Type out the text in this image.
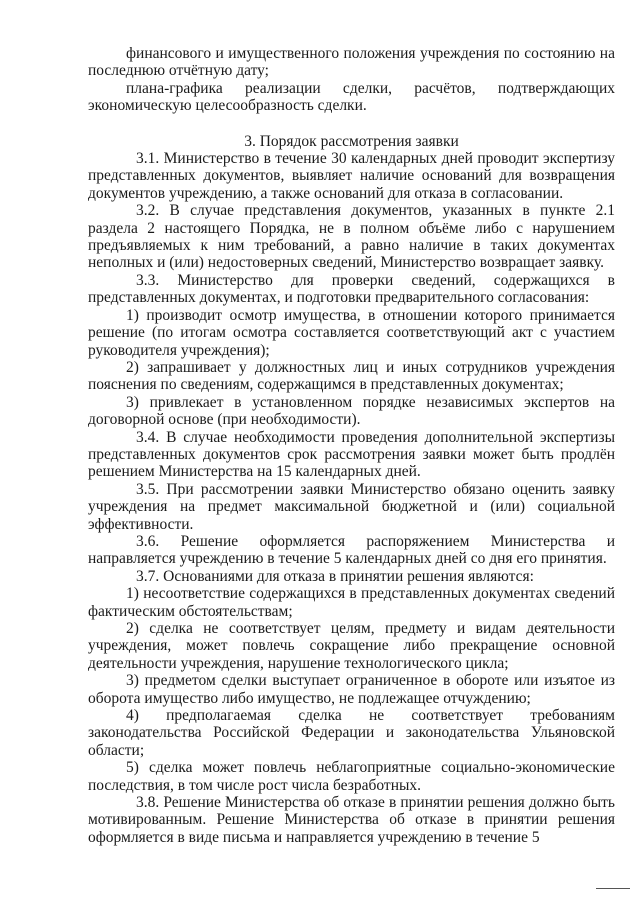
финансового и имущественного положения учреждения по состоянию на последнюю отчётную дату;

плана-графика реализации сделки, расчётов, подтверждающих экономическую целесообразность сделки.

3. Порядок рассмотрения заявки

3.1. Министерство в течение 30 календарных дней проводит экспертизу представленных документов, выявляет наличие оснований для возвращения документов учреждению, а также оснований для отказа в согласовании.

3.2. В случае представления документов, указанных в пункте 2.1 раздела 2 настоящего Порядка, не в полном объёме либо с нарушением предъявляемых к ним требований, а равно наличие в таких документах неполных и (или) недостоверных сведений, Министерство возвращает заявку.

3.3. Министерство для проверки сведений, содержащихся в представленных документах, и подготовки предварительного согласования:

1) производит осмотр имущества, в отношении которого принимается решение (по итогам осмотра составляется соответствующий акт с участием руководителя учреждения);

2) запрашивает у должностных лиц и иных сотрудников учреждения пояснения по сведениям, содержащимся в представленных документах;

3) привлекает в установленном порядке независимых экспертов на договорной основе (при необходимости).

3.4. В случае необходимости проведения дополнительной экспертизы представленных документов срок рассмотрения заявки может быть продлён решением Министерства на 15 календарных дней.

3.5. При рассмотрении заявки Министерство обязано оценить заявку учреждения на предмет максимальной бюджетной и (или) социальной эффективности.

3.6. Решение оформляется распоряжением Министерства и направляется учреждению в течение 5 календарных дней со дня его принятия.

3.7. Основаниями для отказа в принятии решения являются:

1) несоответствие содержащихся в представленных документах сведений фактическим обстоятельствам;

2) сделка не соответствует целям, предмету и видам деятельности учреждения, может повлечь сокращение либо прекращение основной деятельности учреждения, нарушение технологического цикла;

3) предметом сделки выступает ограниченное в обороте или изъятое из оборота имущество либо имущество, не подлежащее отчуждению;

4) предполагаемая сделка не соответствует требованиям законодательства Российской Федерации и законодательства Ульяновской области;

5) сделка может повлечь неблагоприятные социально-экономические последствия, в том числе рост числа безработных.

3.8. Решение Министерства об отказе в принятии решения должно быть мотивированным. Решение Министерства об отказе в принятии решения оформляется в виде письма и направляется учреждению в течение 5
